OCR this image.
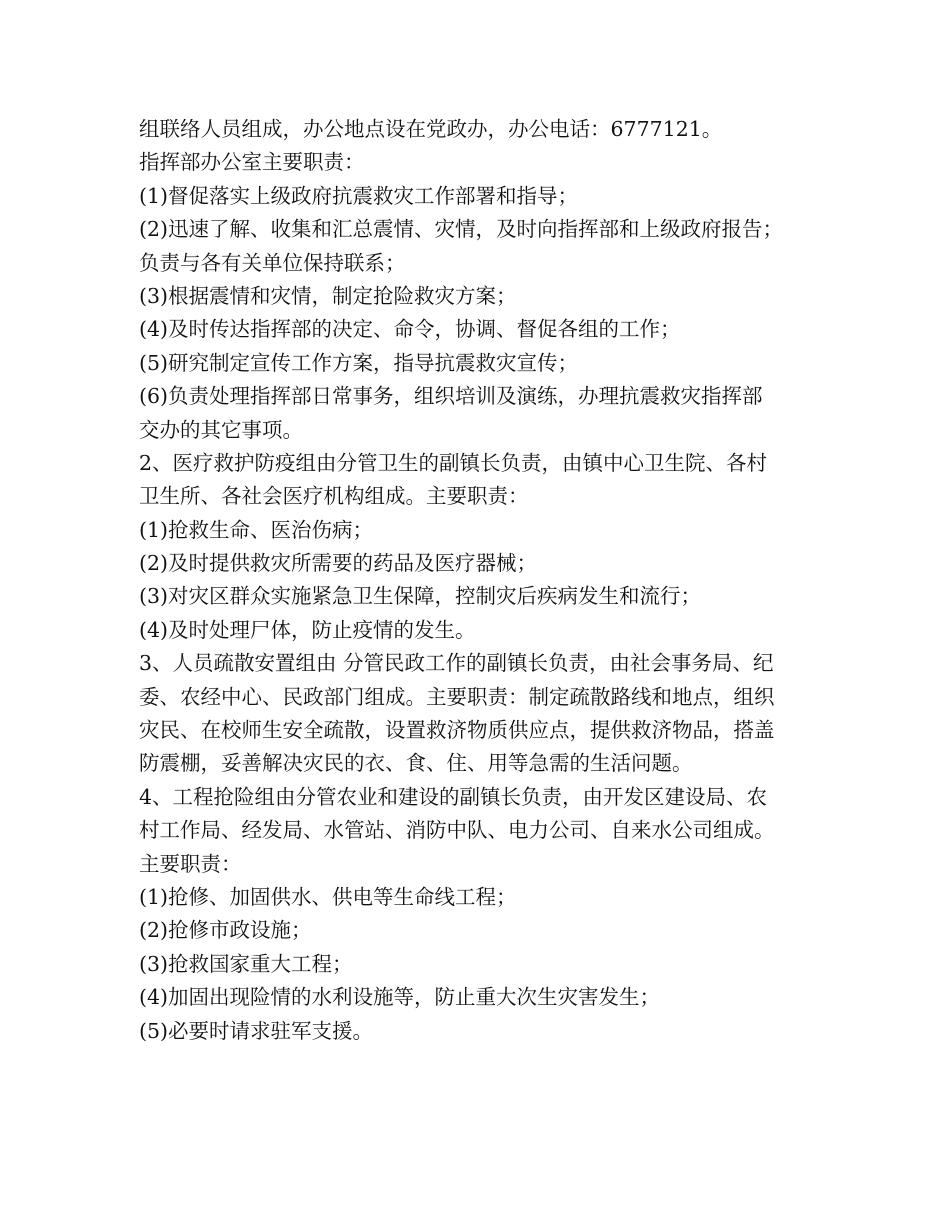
组联络人员组成，办公地点设在党政办，办公电话：6777121。
指挥部办公室主要职责：
(1)督促落实上级政府抗震救灾工作部署和指导；
(2)迅速了解、收集和汇总震情、灾情，及时向指挥部和上级政府报告；
负责与各有关单位保持联系；
(3)根据震情和灾情，制定抢险救灾方案；
(4)及时传达指挥部的决定、命令，协调、督促各组的工作；
(5)研究制定宣传工作方案，指导抗震救灾宣传；
(6)负责处理指挥部日常事务，组织培训及演练，办理抗震救灾指挥部
交办的其它事项。
2、医疗救护防疫组由分管卫生的副镇长负责，由镇中心卫生院、各村
卫生所、各社会医疗机构组成。主要职责：
(1)抢救生命、医治伤病；
(2)及时提供救灾所需要的药品及医疗器械；
(3)对灾区群众实施紧急卫生保障，控制灾后疾病发生和流行；
(4)及时处理尸体，防止疫情的发生。
3、人员疏散安置组由 分管民政工作的副镇长负责，由社会事务局、纪
委、农经中心、民政部门组成。主要职责：制定疏散路线和地点，组织
灾民、在校师生安全疏散，设置救济物质供应点，提供救济物品，搭盖
防震棚，妥善解决灾民的衣、食、住、用等急需的生活问题。
4、工程抢险组由分管农业和建设的副镇长负责，由开发区建设局、农
村工作局、经发局、水管站、消防中队、电力公司、自来水公司组成。
主要职责：
(1)抢修、加固供水、供电等生命线工程；
(2)抢修市政设施；
(3)抢救国家重大工程；
(4)加固出现险情的水利设施等，防止重大次生灾害发生；
(5)必要时请求驻军支援。
